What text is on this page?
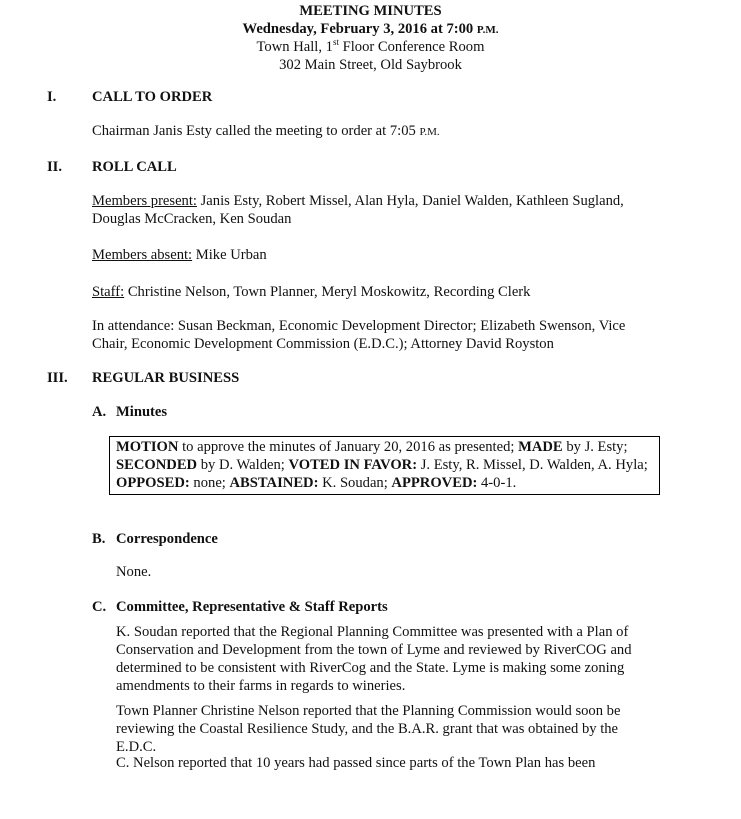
MEETING MINUTES
Wednesday, February 3, 2016 at 7:00 P.M.
Town Hall, 1st Floor Conference Room
302 Main Street, Old Saybrook
I. CALL TO ORDER
Chairman Janis Esty called the meeting to order at 7:05 P.M.
II. ROLL CALL
Members present: Janis Esty, Robert Missel, Alan Hyla, Daniel Walden, Kathleen Sugland, Douglas McCracken, Ken Soudan
Members absent: Mike Urban
Staff: Christine Nelson, Town Planner, Meryl Moskowitz, Recording Clerk
In attendance: Susan Beckman, Economic Development Director; Elizabeth Swenson, Vice Chair, Economic Development Commission (E.D.C.); Attorney David Royston
III. REGULAR BUSINESS
A. Minutes
MOTION to approve the minutes of January 20, 2016 as presented; MADE by J. Esty; SECONDED by D. Walden; VOTED IN FAVOR: J. Esty, R. Missel, D. Walden, A. Hyla; OPPOSED: none; ABSTAINED: K. Soudan; APPROVED: 4-0-1.
B. Correspondence
None.
C. Committee, Representative & Staff Reports
K. Soudan reported that the Regional Planning Committee was presented with a Plan of Conservation and Development from the town of Lyme and reviewed by RiverCOG and determined to be consistent with RiverCog and the State. Lyme is making some zoning amendments to their farms in regards to wineries.
Town Planner Christine Nelson reported that the Planning Commission would soon be reviewing the Coastal Resilience Study, and the B.A.R. grant that was obtained by the E.D.C.
C. Nelson reported that 10 years had passed since parts of the Town Plan has been
